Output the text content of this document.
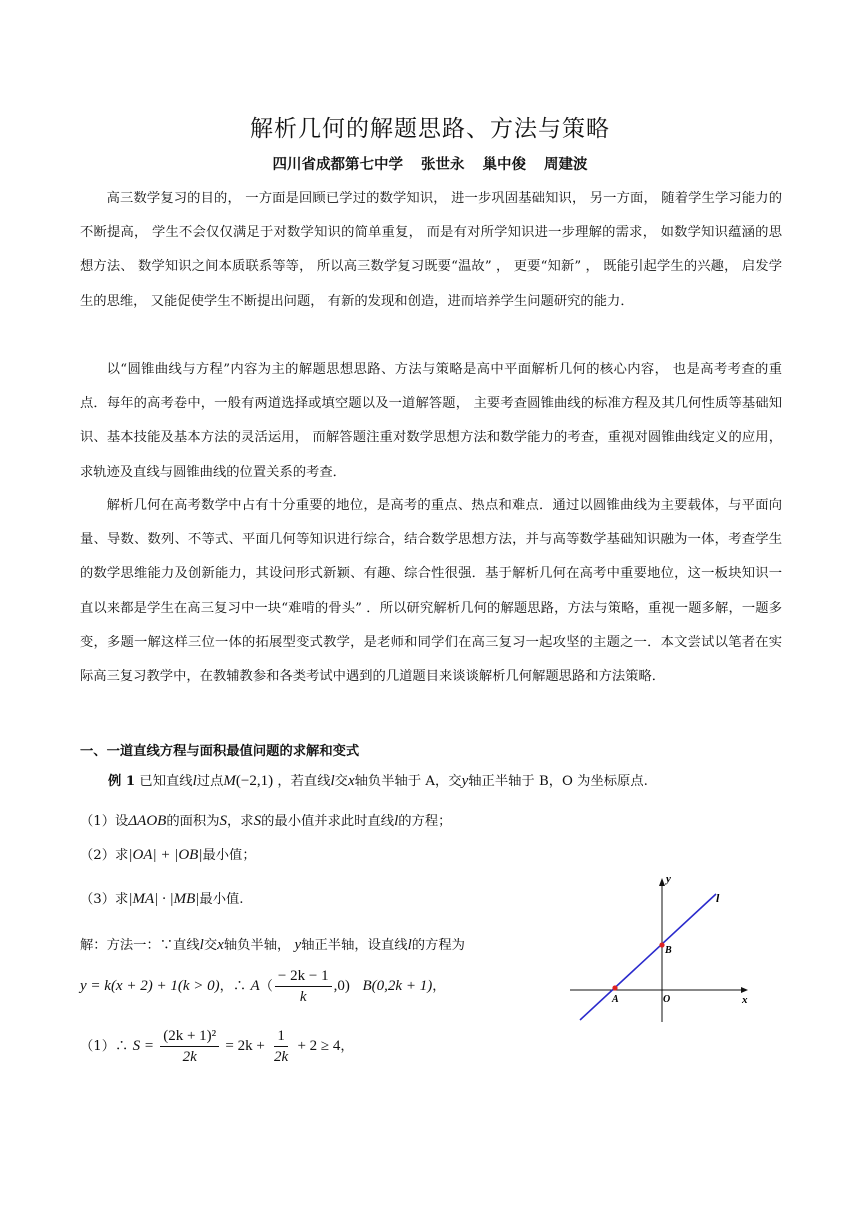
解析几何的解题思路、方法与策略

四川省成都第七中学 张世永 巢中俊 周建波

高三数学复习的目的， 一方面是回顾已学过的数学知识， 进一步巩固基础知识， 另一方面， 随着学生学习能力的不断提高， 学生不会仅仅满足于对数学知识的简单重复， 而是有对所学知识进一步理解的需求， 如数学知识蕴涵的思想方法、 数学知识之间本质联系等等， 所以高三数学复习既要“温故” ， 更要“知新” ， 既能引起学生的兴趣， 启发学生的思维， 又能促使学生不断提出问题， 有新的发现和创造，进而培养学生问题研究的能力．

以“圆锥曲线与方程”内容为主的解题思想思路、方法与策略是高中平面解析几何的核心内容， 也是高考考查的重点．每年的高考卷中，一般有两道选择或填空题以及一道解答题， 主要考查圆锥曲线的标准方程及其几何性质等基础知识、基本技能及基本方法的灵活运用， 而解答题注重对数学思想方法和数学能力的考查，重视对圆锥曲线定义的应用， 求轨迹及直线与圆锥曲线的位置关系的考查．

解析几何在高考数学中占有十分重要的地位，是高考的重点、热点和难点．通过以圆锥曲线为主要载体，与平面向量、导数、数列、不等式、平面几何等知识进行综合，结合数学思想方法，并与高等数学基础知识融为一体，考查学生的数学思维能力及创新能力，其设问形式新颖、有趣、综合性很强．基于解析几何在高考中重要地位，这一板块知识一直以来都是学生在高三复习中一块“难啃的骨头” ．所以研究解析几何的解题思路，方法与策略，重视一题多解，一题多变，多题一解这样三位一体的拓展型变式教学，是老师和同学们在高三复习一起攻坚的主题之一．本文尝试以笔者在实际高三复习教学中，在教辅教参和各类考试中遇到的几道题目来谈谈解析几何解题思路和方法策略．

一、一道直线方程与面积最值问题的求解和变式

例 1 已知直线l过点M(−2,1) ，若直线l交x轴负半轴于 A，交y轴正半轴于 B，O 为坐标原点.

（1）设ΔAOB的面积为S，求S的最小值并求此时直线l的方程；

（2）求|OA| + |OB|最小值；

（3）求|MA| · |MB|最小值.

解：方法一：∵直线l交x轴负半轴， y轴正半轴，设直线l的方程为

y = k(x + 2) + 1(k > 0)，∴ $A( \frac{- 2k - 1}{k} ,0)$ B(0,2k + 1)，

（1）∴ $S = \frac{\text{(2k + 1)²}}{2k} = 2k + \frac{1}{2k} + 2 \ge 4$，

x
y
l
A
B
O
